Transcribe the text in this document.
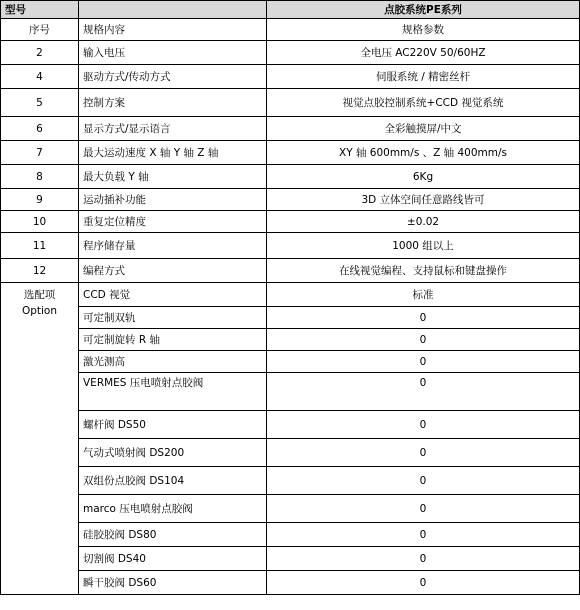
型号		点胶系统PE系列
序号	规格内容	规格参数
2	输入电压	全电压 AC220V 50/60HZ
4	驱动方式/传动方式	伺服系统 / 精密丝杆
5	控制方案	视觉点胶控制系统+CCD 视觉系统
6	显示方式/显示语言	全彩触摸屏/中文
7	最大运动速度 X 轴 Y 轴 Z 轴	XY 轴 600mm/s 、Z 轴 400mm/s
8	最大负载 Y 轴	6Kg
9	运动插补功能	3D 立体空间任意路线皆可
10	重复定位精度	±0.02
11	程序储存量	1000 组以上
12	编程方式	在线视觉编程、支持鼠标和键盘操作

选配项
Option	CCD 视觉	标准
	可定制双轨	0
	可定制旋转 R 轴	0
	激光测高	0
	VERMES 压电喷射点胶阀	0
	螺杆阀 DS50	0
	气动式喷射阀 DS200	0
	双组份点胶阀 DS104	0
	marco 压电喷射点胶阀	0
	硅胶胶阀 DS80	0
	切割阀 DS40	0
	瞬干胶阀 DS60	0
